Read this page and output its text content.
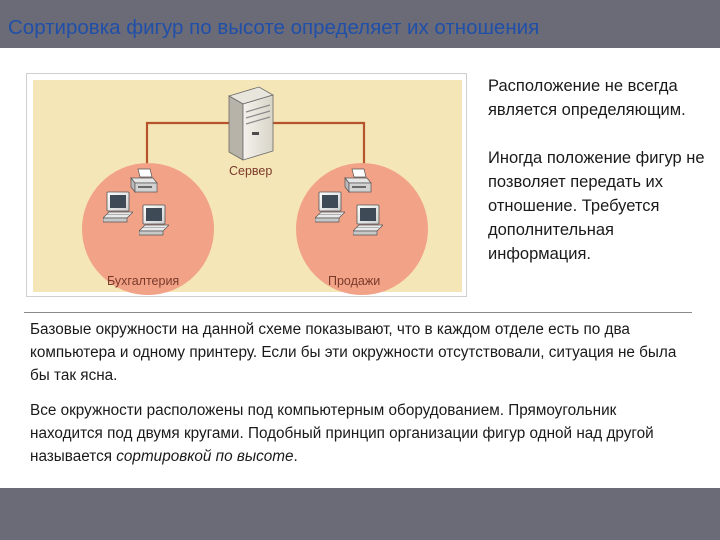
Сортировка фигур по высоте определяет их отношения
Сервер
Бухгалтерия	Продажи

Расположение не всегда является определяющим.

Иногда положение фигур не позволяет передать их отношение. Требуется дополнительная информация.

Базовые окружности на данной схеме показывают, что в каждом отделе есть по два компьютера и одному принтеру. Если бы эти окружности отсутствовали, ситуация не была бы так ясна.

Все окружности расположены под компьютерным оборудованием. Прямоугольник находится под двумя кругами. Подобный принцип организации фигур одной над другой называется сортировкой по высоте.
